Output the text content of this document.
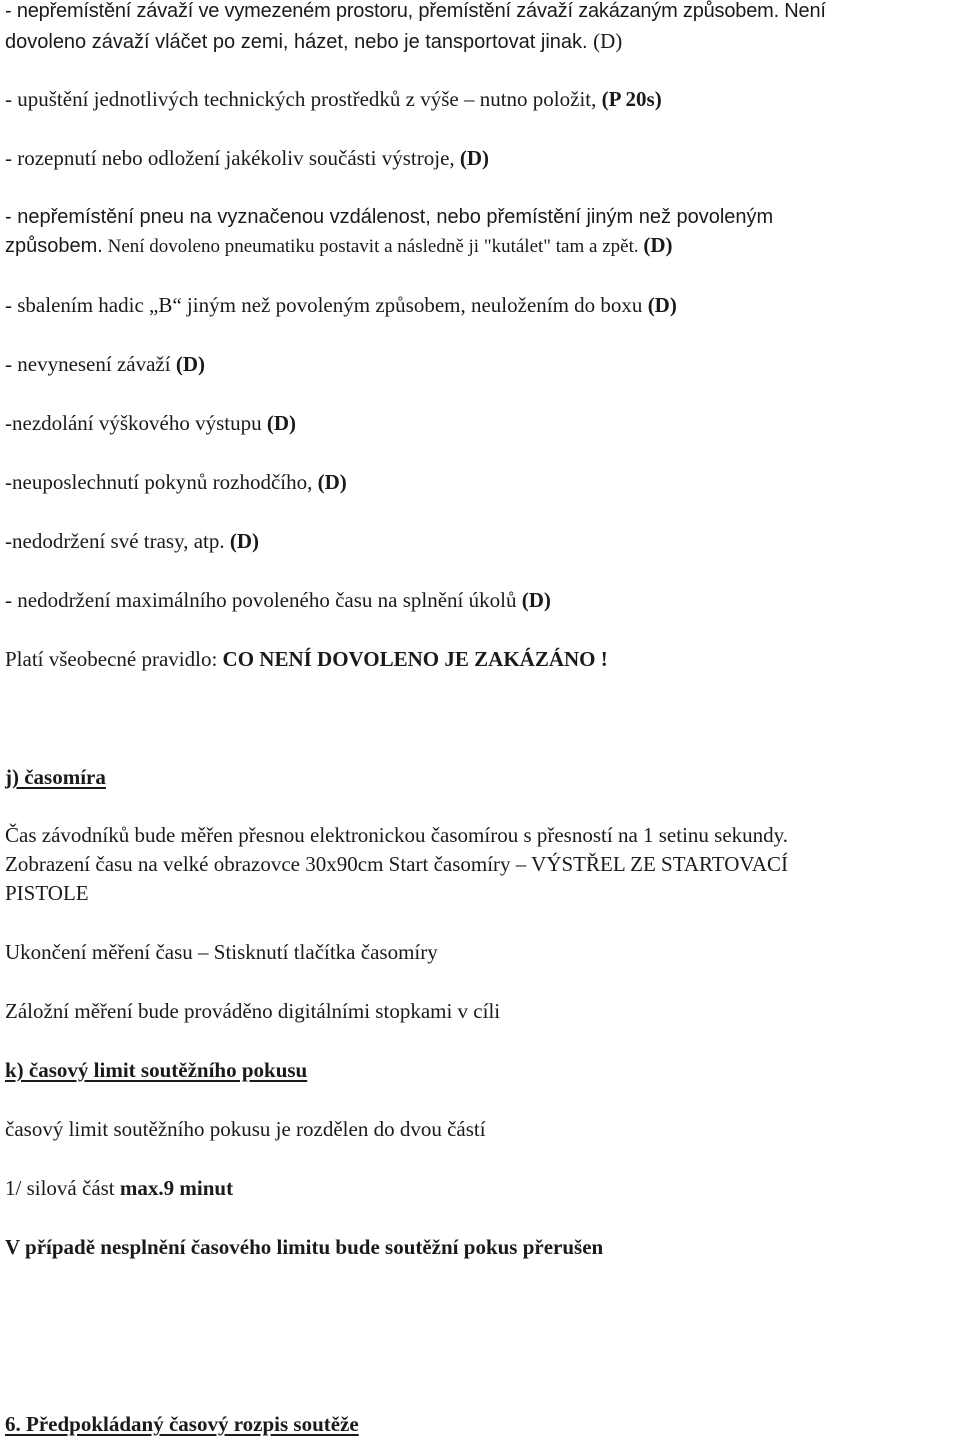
- nepřemístění závaží ve vymezeném prostoru, přemístění závaží zakázaným způsobem. Není
dovoleno závaží vláčet po zemi, házet, nebo je tansportovat jinak. (D)
- upuštění jednotlivých technických prostředků z výše – nutno položit, (P 20s)
- rozepnutí nebo odložení jakékoliv součásti výstroje, (D)
- nepřemístění pneu na vyznačenou vzdálenost, nebo přemístění jiným než povoleným
způsobem. Není dovoleno pneumatiku postavit a následně ji "kutálet" tam a zpět. (D)
- sbalením hadic „B“ jiným než povoleným způsobem, neuložením do boxu (D)
- nevynesení závaží (D)
-nezdolání výškového výstupu (D)
-neuposlechnutí pokynů rozhodčího, (D)
-nedodržení své trasy, atp. (D)
- nedodržení maximálního povoleného času na splnění úkolů (D)
Platí všeobecné pravidlo: CO NENÍ DOVOLENO JE ZAKÁZÁNO !
j) časomíra
Čas závodníků bude měřen přesnou elektronickou časomírou s přesností na 1 setinu sekundy.
Zobrazení času na velké obrazovce 30x90cm Start časomíry – VÝSTŘEL ZE STARTOVACÍ
PISTOLE
Ukončení měření času – Stisknutí tlačítka časomíry
Záložní měření bude prováděno digitálními stopkami v cíli
k) časový limit soutěžního pokusu
časový limit soutěžního pokusu je rozdělen do dvou částí
1/ silová část max.9 minut
V případě nesplnění časového limitu bude soutěžní pokus přerušen
6. Předpokládaný časový rozpis soutěže
